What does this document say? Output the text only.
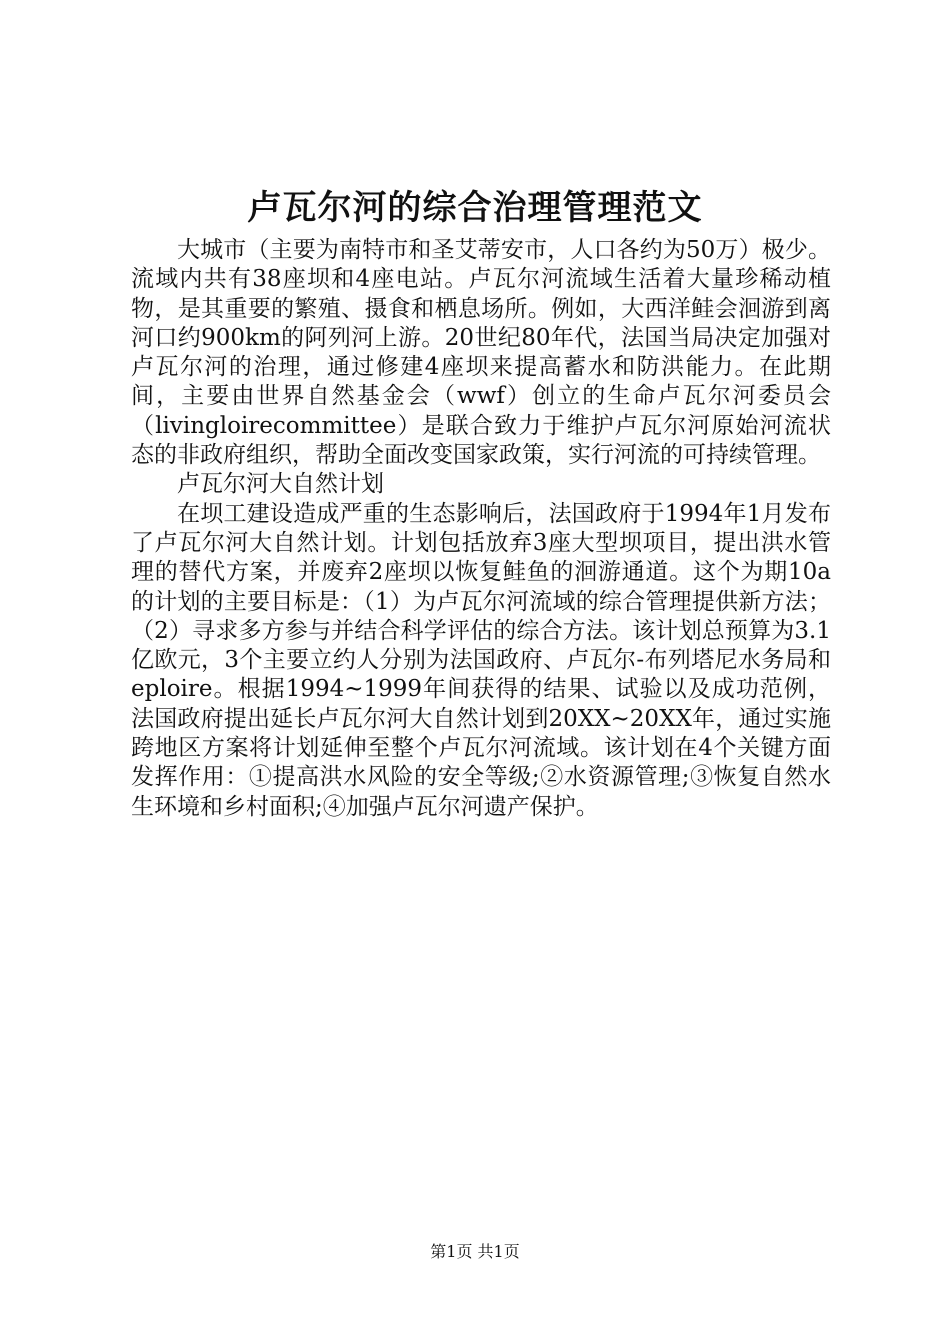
卢瓦尔河的综合治理管理范文

大城市（主要为南特市和圣艾蒂安市，人口各约为50万）极少。流域内共有38座坝和4座电站。卢瓦尔河流域生活着大量珍稀动植物，是其重要的繁殖、摄食和栖息场所。例如，大西洋鲑会洄游到离河口约900km的阿列河上游。20世纪80年代，法国当局决定加强对卢瓦尔河的治理，通过修建4座坝来提高蓄水和防洪能力。在此期间，主要由世界自然基金会（wwf）创立的生命卢瓦尔河委员会（livingloirecommittee）是联合致力于维护卢瓦尔河原始河流状态的非政府组织，帮助全面改变国家政策，实行河流的可持续管理。

卢瓦尔河大自然计划

在坝工建设造成严重的生态影响后，法国政府于1994年1月发布了卢瓦尔河大自然计划。计划包括放弃3座大型坝项目，提出洪水管理的替代方案，并废弃2座坝以恢复鲑鱼的洄游通道。这个为期10a的计划的主要目标是：（1）为卢瓦尔河流域的综合管理提供新方法；（2）寻求多方参与并结合科学评估的综合方法。该计划总预算为3.1亿欧元，3个主要立约人分别为法国政府、卢瓦尔-布列塔尼水务局和eploire。根据1994~1999年间获得的结果、试验以及成功范例，法国政府提出延长卢瓦尔河大自然计划到20XX~20XX年，通过实施跨地区方案将计划延伸至整个卢瓦尔河流域。该计划在4个关键方面发挥作用：①提高洪水风险的安全等级;②水资源管理;③恢复自然水生环境和乡村面积;④加强卢瓦尔河遗产保护。

第1页 共1页
